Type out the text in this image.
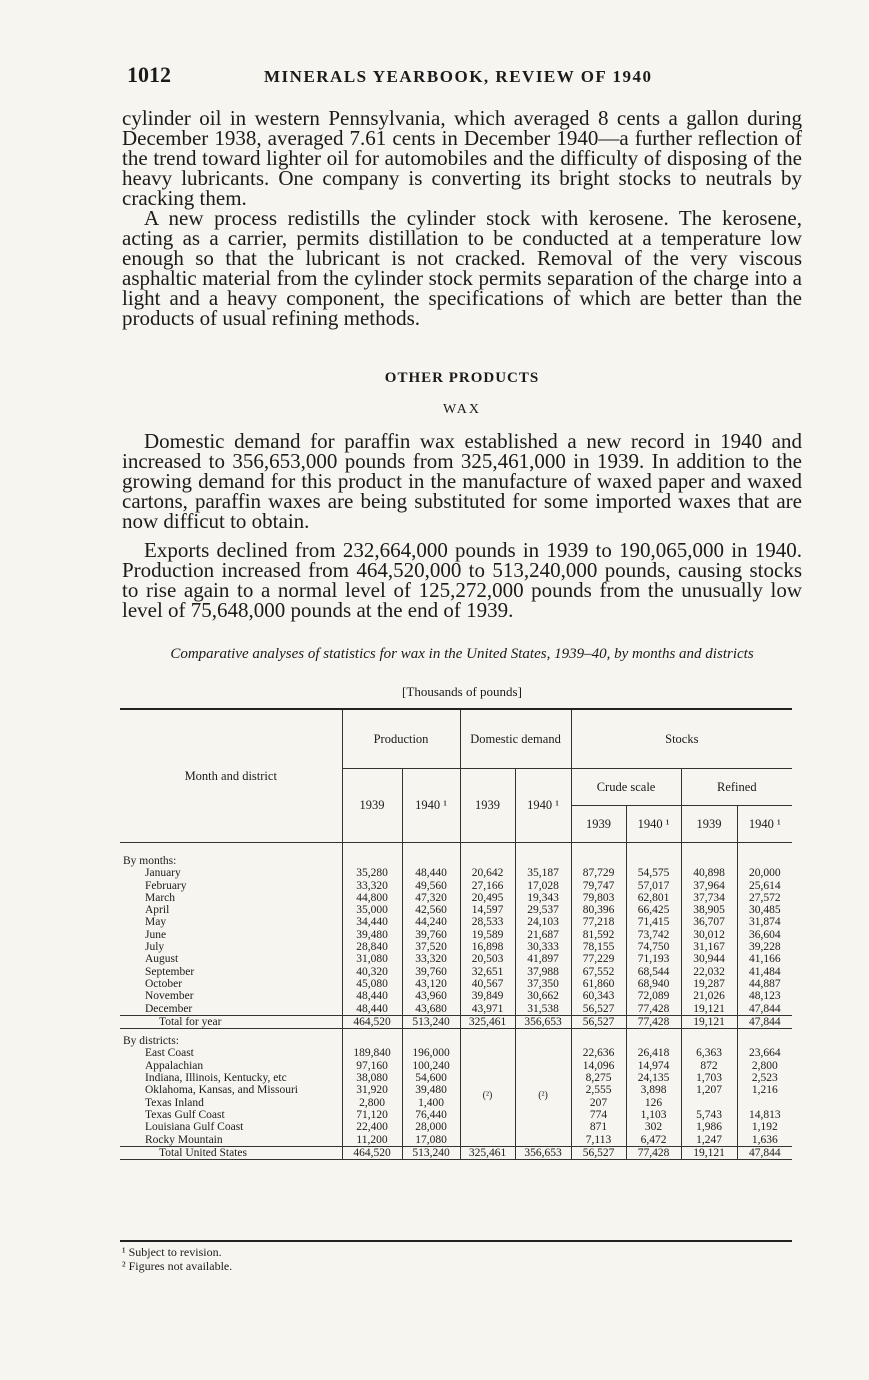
1012	MINERALS YEARBOOK, REVIEW OF 1940

cylinder oil in western Pennsylvania, which averaged 8 cents a gallon during December 1938, averaged 7.61 cents in December 1940—a further reflection of the trend toward lighter oil for automobiles and the difficulty of disposing of the heavy lubricants. One company is converting its bright stocks to neutrals by cracking them.

A new process redistills the cylinder stock with kerosene. The kerosene, acting as a carrier, permits distillation to be conducted at a temperature low enough so that the lubricant is not cracked. Removal of the very viscous asphaltic material from the cylinder stock permits separation of the charge into a light and a heavy component, the specifications of which are better than the products of usual refining methods.

OTHER PRODUCTS
WAX

Domestic demand for paraffin wax established a new record in 1940 and increased to 356,653,000 pounds from 325,461,000 in 1939. In addition to the growing demand for this product in the manufacture of waxed paper and waxed cartons, paraffin waxes are being substituted for some imported waxes that are now difficut to obtain.

Exports declined from 232,664,000 pounds in 1939 to 190,065,000 in 1940. Production increased from 464,520,000 to 513,240,000 pounds, causing stocks to rise again to a normal level of 125,272,000 pounds from the unusually low level of 75,648,000 pounds at the end of 1939.

Comparative analyses of statistics for wax in the United States, 1939–40, by months and districts
[Thousands of pounds]
Month and district	Production		Domestic demand		Stocks			
	1939	1940 ¹	1939	1940 ¹	Crude scale		Refined	
					1939	1940 ¹	1939	1940 ¹

By months:								

January	35,280	48,440	20,642	35,187	87,729	54,575	40,898	20,000

February	33,320	49,560	27,166	17,028	79,747	57,017	37,964	25,614

March	44,800	47,320	20,495	19,343	79,803	62,801	37,734	27,572

April	35,000	42,560	14,597	29,537	80,396	66,425	38,905	30,485

May	34,440	44,240	28,533	24,103	77,218	71,415	36,707	31,874

June	39,480	39,760	19,589	21,687	81,592	73,742	30,012	36,604

July	28,840	37,520	16,898	30,333	78,155	74,750	31,167	39,228

August	31,080	33,320	20,503	41,897	77,229	71,193	30,944	41,166

September	40,320	39,760	32,651	37,988	67,552	68,544	22,032	41,484

October	45,080	43,120	40,567	37,350	61,860	68,940	19,287	44,887

November	48,440	43,960	39,849	30,662	60,343	72,089	21,026	48,123

December	48,440	43,680	43,971	31,538	56,527	77,428	19,121	47,844

Total for year	464,520	513,240	325,461	356,653	56,527	77,428	19,121	47,844

By districts:								

East Coast	189,840	196,000	(²)	(²)	22,636	26,418	6,363	23,664

Appalachian	97,160	100,240			14,096	14,974	872	2,800

Indiana, Illinois, Kentucky, etc	38,080	54,600			8,275	24,135	1,703	2,523

Oklahoma, Kansas, and Missouri	31,920	39,480			2,555	3,898	1,207	1,216

Texas Inland	2,800	1,400			207	126		

Texas Gulf Coast	71,120	76,440			774	1,103	5,743	14,813

Louisiana Gulf Coast	22,400	28,000			871	302	1,986	1,192

Rocky Mountain	11,200	17,080			7,113	6,472	1,247	1,636

Total United States	464,520	513,240	325,461	356,653	56,527	77,428	19,121	47,844
¹ Subject to revision.
² Figures not available.
